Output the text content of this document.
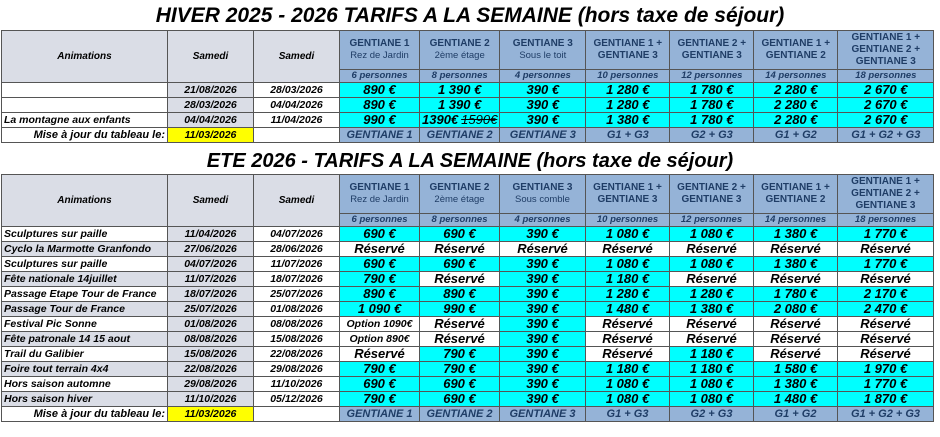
HIVER 2025 - 2026 TARIFS A LA SEMAINE (hors taxe de séjour)
Animations	Samedi	Samedi	GENTIANE 1
Rez de Jardin	GENTIANE 2
2ème étage	GENTIANE 3
Sous le toit	GENTIANE 1 + GENTIANE 3	GENTIANE 2 + GENTIANE 3	GENTIANE 1 + GENTIANE 2	GENTIANE 1 + GENTIANE 2 + GENTIANE 3
			6 personnes	8 personnes	4 personnes	10 personnes	12 personnes	14 personnes	18 personnes
	21/08/2026	28/03/2026	890 €	1 390 €	390 €	1 280 €	1 780 €	2 280 €	2 670 €
	28/03/2026	04/04/2026	890 €	1 390 €	390 €	1 280 €	1 780 €	2 280 €	2 670 €
La montagne aux enfants	04/04/2026	11/04/2026	990 €	1390€ 1590€	390 €	1 380 €	1 780 €	2 280 €	2 670 €
Mise à jour du tableau le:	11/03/2026		GENTIANE 1	GENTIANE 2	GENTIANE 3	G1 + G3	G2 + G3	G1 + G2	G1 + G2 + G3
ETE 2026 - TARIFS A LA SEMAINE (hors taxe de séjour)
Animations	Samedi	Samedi	GENTIANE 1
Rez de Jardin	GENTIANE 2
2ème étage	GENTIANE 3
Sous comble	GENTIANE 1 + GENTIANE 3	GENTIANE 2 + GENTIANE 3	GENTIANE 1 + GENTIANE 2	GENTIANE 1 + GENTIANE 2 + GENTIANE 3
			6 personnes	8 personnes	4 personnes	10 personnes	12 personnes	14 personnes	18 personnes
Sculptures sur paille	11/04/2026	04/07/2026	690 €	690 €	390 €	1 080 €	1 080 €	1 380 €	1 770 €
Cyclo la Marmotte Granfondo	27/06/2026	28/06/2026	Réservé	Réservé	Réservé	Réservé	Réservé	Réservé	Réservé
Sculptures sur paille	04/07/2026	11/07/2026	690 €	690 €	390 €	1 080 €	1 080 €	1 380 €	1 770 €
Fête nationale 14juillet	11/07/2026	18/07/2026	790 €	Réservé	390 €	1 180 €	Réservé	Réservé	Réservé
Passage Etape Tour de France	18/07/2026	25/07/2026	890 €	890 €	390 €	1 280 €	1 280 €	1 780 €	2 170 €
Passage Tour de France	25/07/2026	01/08/2026	1 090 €	990 €	390 €	1 480 €	1 380 €	2 080 €	2 470 €
Festival Pic Sonne	01/08/2026	08/08/2026	Option 1090€	Réservé	390 €	Réservé	Réservé	Réservé	Réservé
Fête patronale 14 15 aout	08/08/2026	15/08/2026	Option 890€	Réservé	390 €	Réservé	Réservé	Réservé	Réservé
Trail du Galibier	15/08/2026	22/08/2026	Réservé	790 €	390 €	Réservé	1 180 €	Réservé	Réservé
Foire tout terrain 4x4	22/08/2026	29/08/2026	790 €	790 €	390 €	1 180 €	1 180 €	1 580 €	1 970 €
Hors saison automne	29/08/2026	11/10/2026	690 €	690 €	390 €	1 080 €	1 080 €	1 380 €	1 770 €
Hors saison hiver	11/10/2026	05/12/2026	790 €	690 €	390 €	1 080 €	1 080 €	1 480 €	1 870 €
Mise à jour du tableau le:	11/03/2026		GENTIANE 1	GENTIANE 2	GENTIANE 3	G1 + G3	G2 + G3	G1 + G2	G1 + G2 + G3
